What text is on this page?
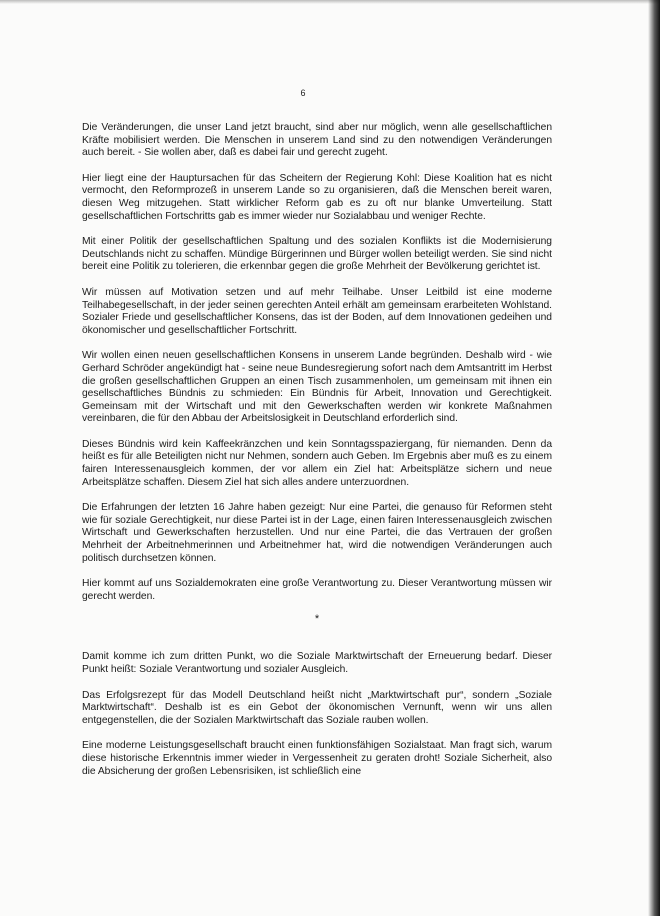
6

Die Veränderungen, die unser Land jetzt braucht, sind aber nur möglich, wenn alle gesellschaftlichen Kräfte mobilisiert werden. Die Menschen in unserem Land sind zu den notwendigen Veränderungen auch bereit. - Sie wollen aber, daß es dabei fair und gerecht zugeht.

Hier liegt eine der Hauptursachen für das Scheitern der Regierung Kohl: Diese Koalition hat es nicht vermocht, den Reformprozeß in unserem Lande so zu organisieren, daß die Menschen bereit waren, diesen Weg mitzugehen. Statt wirklicher Reform gab es zu oft nur blanke Umverteilung. Statt gesellschaftlichen Fortschritts gab es immer wieder nur Sozialabbau und weniger Rechte.

Mit einer Politik der gesellschaftlichen Spaltung und des sozialen Konflikts ist die Modernisierung Deutschlands nicht zu schaffen. Mündige Bürgerinnen und Bürger wollen beteiligt werden. Sie sind nicht bereit eine Politik zu tolerieren, die erkennbar gegen die große Mehrheit der Bevölkerung gerichtet ist.

Wir müssen auf Motivation setzen und auf mehr Teilhabe. Unser Leitbild ist eine moderne Teilhabegesellschaft, in der jeder seinen gerechten Anteil erhält am gemeinsam erarbeiteten Wohlstand. Sozialer Friede und gesellschaftlicher Konsens, das ist der Boden, auf dem Innovationen gedeihen und ökonomischer und gesellschaftlicher Fortschritt.

Wir wollen einen neuen gesellschaftlichen Konsens in unserem Lande begründen. Deshalb wird - wie Gerhard Schröder angekündigt hat - seine neue Bundesregierung sofort nach dem Amtsantritt im Herbst die großen gesellschaftlichen Gruppen an einen Tisch zusammenholen, um gemeinsam mit ihnen ein gesellschaftliches Bündnis zu schmieden: Ein Bündnis für Arbeit, Innovation und Gerechtigkeit. Gemeinsam mit der Wirtschaft und mit den Gewerkschaften werden wir konkrete Maßnahmen vereinbaren, die für den Abbau der Arbeitslosigkeit in Deutschland erforderlich sind.

Dieses Bündnis wird kein Kaffeekränzchen und kein Sonntagsspaziergang, für niemanden. Denn da heißt es für alle Beteiligten nicht nur Nehmen, sondern auch Geben. Im Ergebnis aber muß es zu einem fairen Interessenausgleich kommen, der vor allem ein Ziel hat: Arbeitsplätze sichern und neue Arbeitsplätze schaffen. Diesem Ziel hat sich alles andere unterzuordnen.

Die Erfahrungen der letzten 16 Jahre haben gezeigt: Nur eine Partei, die genauso für Reformen steht wie für soziale Gerechtigkeit, nur diese Partei ist in der Lage, einen fairen Interessenausgleich zwischen Wirtschaft und Gewerkschaften herzustellen. Und nur eine Partei, die das Vertrauen der großen Mehrheit der Arbeitnehmerinnen und Arbeitnehmer hat, wird die notwendigen Veränderungen auch politisch durchsetzen können.

Hier kommt auf uns Sozialdemokraten eine große Verantwortung zu. Dieser Verantwortung müssen wir gerecht werden.

*

Damit komme ich zum dritten Punkt, wo die Soziale Marktwirtschaft der Erneuerung bedarf. Dieser Punkt heißt: Soziale Verantwortung und sozialer Ausgleich.

Das Erfolgsrezept für das Modell Deutschland heißt nicht „Marktwirtschaft pur“, sondern „Soziale Marktwirtschaft“. Deshalb ist es ein Gebot der ökonomischen Vernunft, wenn wir uns allen entgegenstellen, die der Sozialen Marktwirtschaft das Soziale rauben wollen.

Eine moderne Leistungsgesellschaft braucht einen funktionsfähigen Sozialstaat. Man fragt sich, warum diese historische Erkenntnis immer wieder in Vergessenheit zu geraten droht! Soziale Sicherheit, also die Absicherung der großen Lebensrisiken, ist schließlich eine
